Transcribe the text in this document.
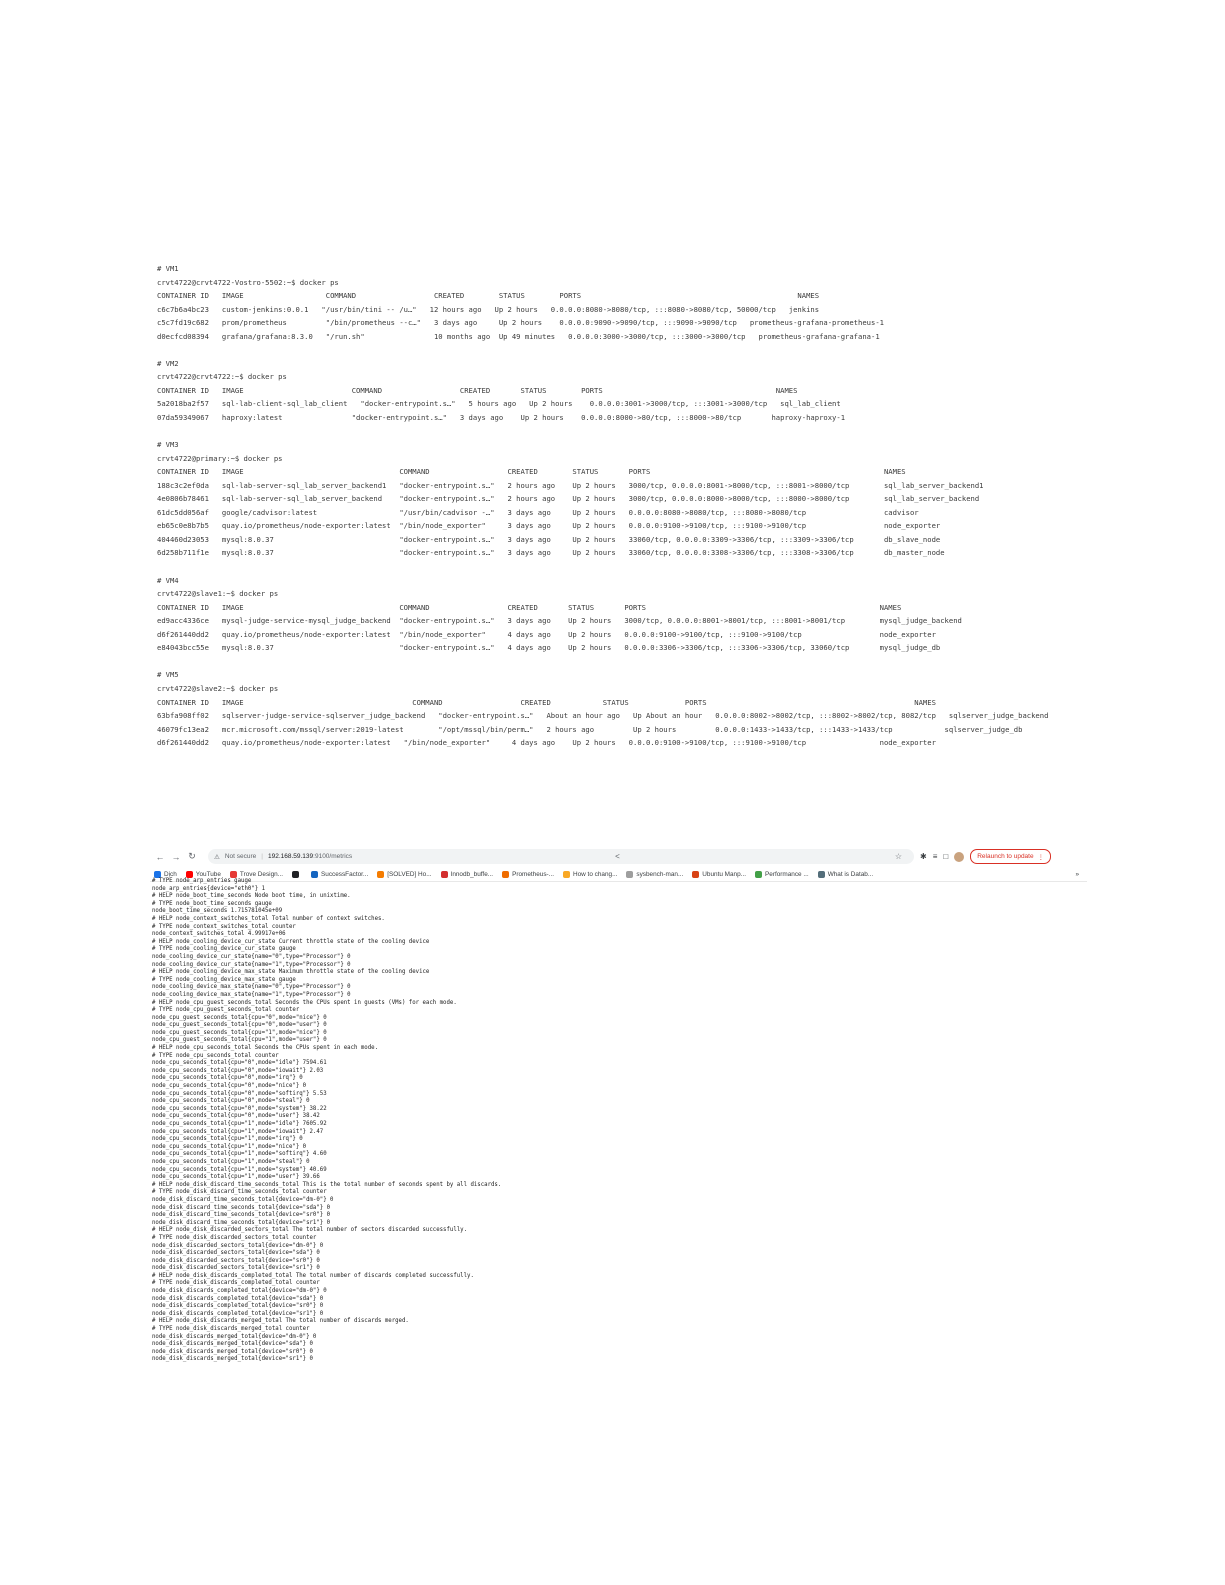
# VM1
crvt4722@crvt4722-Vostro-5502:~$ docker ps
CONTAINER ID   IMAGE                   COMMAND                  CREATED        STATUS        PORTS                                                  NAMES
c6c7b6a4bc23   custom-jenkins:0.0.1   "/usr/bin/tini -- /u…"   12 hours ago   Up 2 hours   0.0.0.0:8080->8080/tcp, :::8080->8080/tcp, 50000/tcp   jenkins
c5c7fd19c682   prom/prometheus         "/bin/prometheus --c…"   3 days ago     Up 2 hours    0.0.0.0:9090->9090/tcp, :::9090->9090/tcp   prometheus-grafana-prometheus-1
d0ecfcd08394   grafana/grafana:8.3.0   "/run.sh"                10 months ago  Up 49 minutes   0.0.0.0:3000->3000/tcp, :::3000->3000/tcp   prometheus-grafana-grafana-1
# VM2
crvt4722@crvt4722:~$ docker ps
CONTAINER ID   IMAGE                         COMMAND                  CREATED       STATUS        PORTS                                        NAMES
5a2018ba2f57   sql-lab-client-sql_lab_client   "docker-entrypoint.s…"   5 hours ago   Up 2 hours    0.0.0.0:3001->3000/tcp, :::3001->3000/tcp   sql_lab_client
07da59349067   haproxy:latest                "docker-entrypoint.s…"   3 days ago    Up 2 hours    0.0.0.0:8000->80/tcp, :::8000->80/tcp       haproxy-haproxy-1
# VM3
crvt4722@primary:~$ docker ps
CONTAINER ID   IMAGE                                    COMMAND                  CREATED        STATUS       PORTS                                                      NAMES
188c3c2ef0da   sql-lab-server-sql_lab_server_backend1   "docker-entrypoint.s…"   2 hours ago    Up 2 hours   3000/tcp, 0.0.0.0:8001->8000/tcp, :::8001->8000/tcp        sql_lab_server_backend1
4e0806b78461   sql-lab-server-sql_lab_server_backend    "docker-entrypoint.s…"   2 hours ago    Up 2 hours   3000/tcp, 0.0.0.0:8000->8000/tcp, :::8000->8000/tcp        sql_lab_server_backend
61dc5dd056af   google/cadvisor:latest                   "/usr/bin/cadvisor -…"   3 days ago     Up 2 hours   0.0.0.0:8080->8080/tcp, :::8080->8080/tcp                  cadvisor
eb65c0e8b7b5   quay.io/prometheus/node-exporter:latest  "/bin/node_exporter"     3 days ago     Up 2 hours   0.0.0.0:9100->9100/tcp, :::9100->9100/tcp                  node_exporter
404460d23053   mysql:8.0.37                             "docker-entrypoint.s…"   3 days ago     Up 2 hours   33060/tcp, 0.0.0.0:3309->3306/tcp, :::3309->3306/tcp       db_slave_node
6d258b711f1e   mysql:8.0.37                             "docker-entrypoint.s…"   3 days ago     Up 2 hours   33060/tcp, 0.0.0.0:3308->3306/tcp, :::3308->3306/tcp       db_master_node
# VM4
crvt4722@slave1:~$ docker ps
CONTAINER ID   IMAGE                                    COMMAND                  CREATED       STATUS       PORTS                                                      NAMES
ed9acc4336ce   mysql-judge-service-mysql_judge_backend  "docker-entrypoint.s…"   3 days ago    Up 2 hours   3000/tcp, 0.0.0.0:8001->8001/tcp, :::8001->8001/tcp        mysql_judge_backend
d6f261440dd2   quay.io/prometheus/node-exporter:latest  "/bin/node_exporter"     4 days ago    Up 2 hours   0.0.0.0:9100->9100/tcp, :::9100->9100/tcp                  node_exporter
e84043bcc55e   mysql:8.0.37                             "docker-entrypoint.s…"   4 days ago    Up 2 hours   0.0.0.0:3306->3306/tcp, :::3306->3306/tcp, 33060/tcp       mysql_judge_db
# VM5
crvt4722@slave2:~$ docker ps
CONTAINER ID   IMAGE                                       COMMAND                  CREATED            STATUS             PORTS                                                NAMES
63bfa908ff02   sqlserver-judge-service-sqlserver_judge_backend   "docker-entrypoint.s…"   About an hour ago   Up About an hour   0.0.0.0:8002->8002/tcp, :::8002->8002/tcp, 8082/tcp   sqlserver_judge_backend
46079fc13ea2   mcr.microsoft.com/mssql/server:2019-latest        "/opt/mssql/bin/perm…"   2 hours ago         Up 2 hours         0.0.0.0:1433->1433/tcp, :::1433->1433/tcp            sqlserver_judge_db
d6f261440dd2   quay.io/prometheus/node-exporter:latest   "/bin/node_exporter"     4 days ago    Up 2 hours   0.0.0.0:9100->9100/tcp, :::9100->9100/tcp                 node_exporter
← → ↻	⚠ Not secure | 192.168.59.139 :9100/metrics	<	☆ ✱ ≡ □	Relaunch to update ⋮
Dịch	YouTube	Trove Design...	SuccessFactor...	[SOLVED] Ho...	Innodb_buffe...	Prometheus-...	How to chang...	sysbench-man...	Ubuntu Manp...	Performance ...	What is Datab...	»
# TYPE node_arp_entries gauge
node_arp_entries{device="eth0"} 1
# HELP node_boot_time_seconds Node boot time, in unixtime.
# TYPE node_boot_time_seconds gauge
node_boot_time_seconds 1.715781045e+09
# HELP node_context_switches_total Total number of context switches.
# TYPE node_context_switches_total counter
node_context_switches_total 4.99917e+06
# HELP node_cooling_device_cur_state Current throttle state of the cooling device
# TYPE node_cooling_device_cur_state gauge
node_cooling_device_cur_state{name="0",type="Processor"} 0
node_cooling_device_cur_state{name="1",type="Processor"} 0
# HELP node_cooling_device_max_state Maximum throttle state of the cooling device
# TYPE node_cooling_device_max_state gauge
node_cooling_device_max_state{name="0",type="Processor"} 0
node_cooling_device_max_state{name="1",type="Processor"} 0
# HELP node_cpu_guest_seconds_total Seconds the CPUs spent in guests (VMs) for each mode.
# TYPE node_cpu_guest_seconds_total counter
node_cpu_guest_seconds_total{cpu="0",mode="nice"} 0
node_cpu_guest_seconds_total{cpu="0",mode="user"} 0
node_cpu_guest_seconds_total{cpu="1",mode="nice"} 0
node_cpu_guest_seconds_total{cpu="1",mode="user"} 0
# HELP node_cpu_seconds_total Seconds the CPUs spent in each mode.
# TYPE node_cpu_seconds_total counter
node_cpu_seconds_total{cpu="0",mode="idle"} 7594.61
node_cpu_seconds_total{cpu="0",mode="iowait"} 2.03
node_cpu_seconds_total{cpu="0",mode="irq"} 0
node_cpu_seconds_total{cpu="0",mode="nice"} 0
node_cpu_seconds_total{cpu="0",mode="softirq"} 5.53
node_cpu_seconds_total{cpu="0",mode="steal"} 0
node_cpu_seconds_total{cpu="0",mode="system"} 38.22
node_cpu_seconds_total{cpu="0",mode="user"} 38.42
node_cpu_seconds_total{cpu="1",mode="idle"} 7605.92
node_cpu_seconds_total{cpu="1",mode="iowait"} 2.47
node_cpu_seconds_total{cpu="1",mode="irq"} 0
node_cpu_seconds_total{cpu="1",mode="nice"} 0
node_cpu_seconds_total{cpu="1",mode="softirq"} 4.60
node_cpu_seconds_total{cpu="1",mode="steal"} 0
node_cpu_seconds_total{cpu="1",mode="system"} 40.69
node_cpu_seconds_total{cpu="1",mode="user"} 39.66
# HELP node_disk_discard_time_seconds_total This is the total number of seconds spent by all discards.
# TYPE node_disk_discard_time_seconds_total counter
node_disk_discard_time_seconds_total{device="dm-0"} 0
node_disk_discard_time_seconds_total{device="sda"} 0
node_disk_discard_time_seconds_total{device="sr0"} 0
node_disk_discard_time_seconds_total{device="sr1"} 0
# HELP node_disk_discarded_sectors_total The total number of sectors discarded successfully.
# TYPE node_disk_discarded_sectors_total counter
node_disk_discarded_sectors_total{device="dm-0"} 0
node_disk_discarded_sectors_total{device="sda"} 0
node_disk_discarded_sectors_total{device="sr0"} 0
node_disk_discarded_sectors_total{device="sr1"} 0
# HELP node_disk_discards_completed_total The total number of discards completed successfully.
# TYPE node_disk_discards_completed_total counter
node_disk_discards_completed_total{device="dm-0"} 0
node_disk_discards_completed_total{device="sda"} 0
node_disk_discards_completed_total{device="sr0"} 0
node_disk_discards_completed_total{device="sr1"} 0
# HELP node_disk_discards_merged_total The total number of discards merged.
# TYPE node_disk_discards_merged_total counter
node_disk_discards_merged_total{device="dm-0"} 0
node_disk_discards_merged_total{device="sda"} 0
node_disk_discards_merged_total{device="sr0"} 0
node_disk_discards_merged_total{device="sr1"} 0
